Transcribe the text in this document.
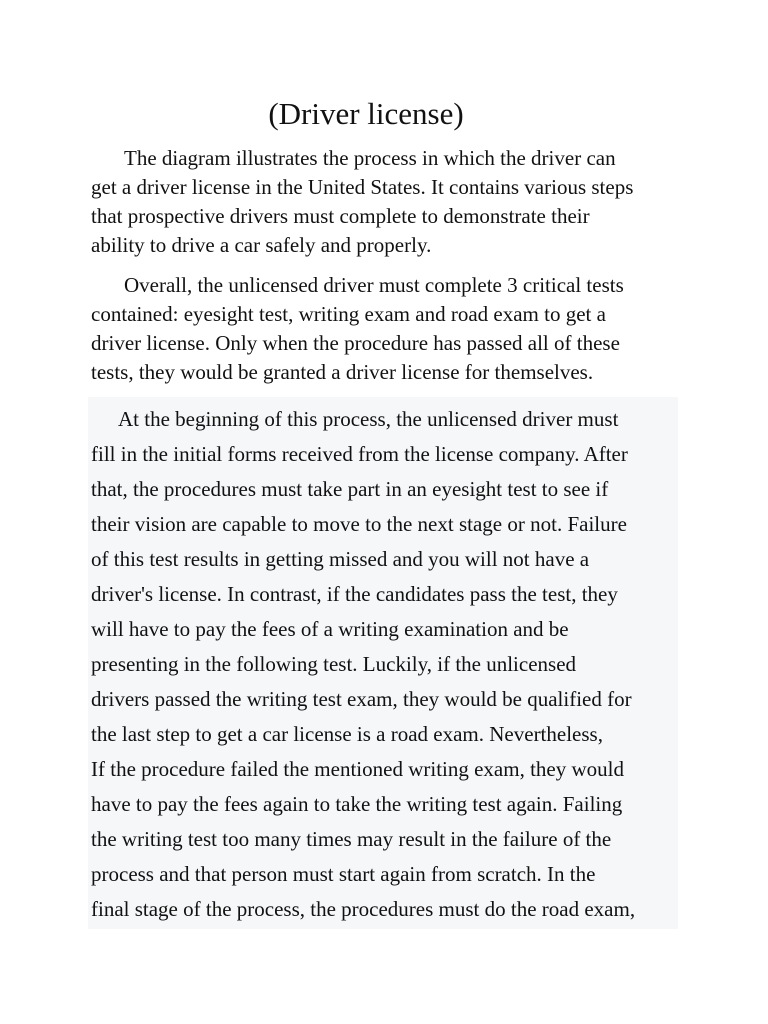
(Driver license)

The diagram illustrates the process in which the driver can
get a driver license in the United States. It contains various steps
that prospective drivers must complete to demonstrate their
ability to drive a car safely and properly.

Overall, the unlicensed driver must complete 3 critical tests
contained: eyesight test, writing exam and road exam to get a
driver license. Only when the procedure has passed all of these
tests, they would be granted a driver license for themselves.

At the beginning of this process, the unlicensed driver must
fill in the initial forms received from the license company. After
that, the procedures must take part in an eyesight test to see if
their vision are capable to move to the next stage or not. Failure
of this test results in getting missed and you will not have a
driver's license. In contrast, if the candidates pass the test, they
will have to pay the fees of a writing examination and be
presenting in the following test. Luckily, if the unlicensed
drivers passed the writing test exam, they would be qualified for
the last step to get a car license is a road exam. Nevertheless,
If the procedure failed the mentioned writing exam, they would
have to pay the fees again to take the writing test again. Failing
the writing test too many times may result in the failure of the
process and that person must start again from scratch. In the
final stage of the process, the procedures must do the road exam,
